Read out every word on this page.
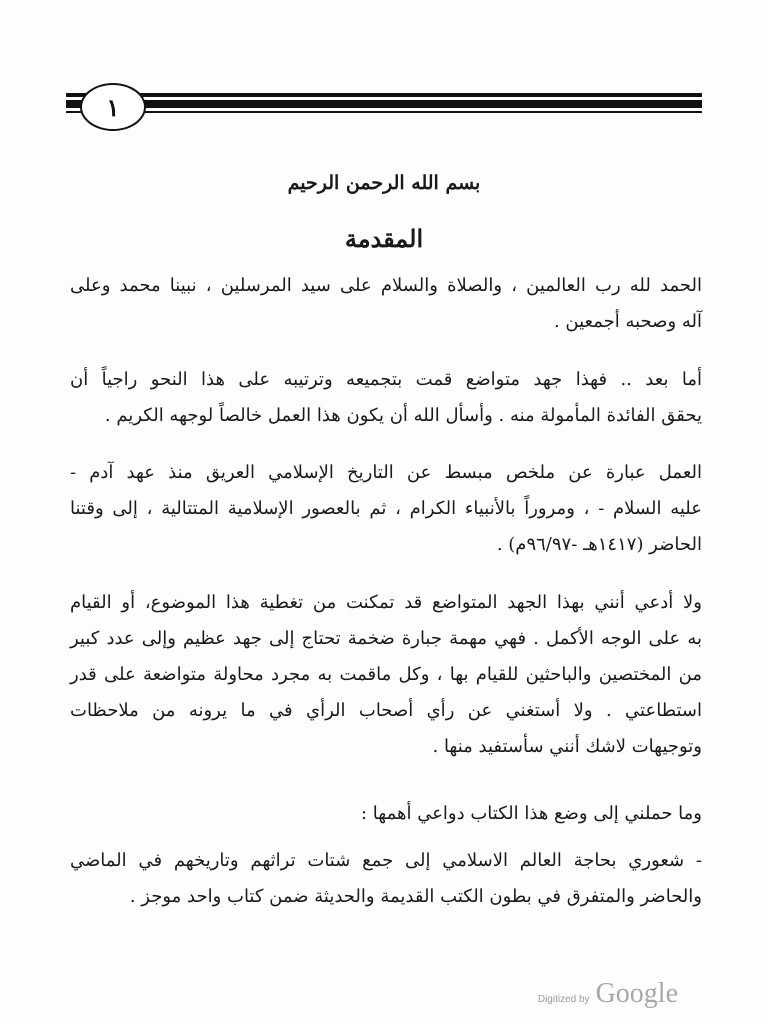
١
بسم الله الرحمن الرحيم
المقدمة

الحمد لله رب العالمين ، والصلاة والسلام على سيد المرسلين ، نبينا محمد وعلى
آله وصحبه أجمعين .

أما بعد .. فهذا جهد متواضع قمت بتجميعه وترتيبه على هذا النحو راجياً أن
يحقق الفائدة المأمولة منه . وأسأل الله أن يكون هذا العمل خالصاً لوجهه الكريم .

العمل عبارة عن ملخص مبسط عن التاريخ الإسلامي العريق منذ عهد آدم -
عليه السلام - ، ومروراً بالأنبياء الكرام ، ثم بالعصور الإسلامية المتتالية ، إلى وقتنا
الحاضر (١٤١٧هـ -٩٦/٩٧م) .

ولا أدعي أنني بهذا الجهد المتواضع قد تمكنت من تغطية هذا الموضوع، أو القيام
به على الوجه الأكمل . فهي مهمة جبارة ضخمة تحتاج إلى جهد عظيم وإلى عدد كبير
من المختصين والباحثين للقيام بها ، وكل ماقمت به مجرد محاولة متواضعة على قدر
استطاعتي . ولا أستغني عن رأي أصحاب الرأي في ما يرونه من ملاحظات
وتوجيهات لاشك أنني سأستفيد منها .

وما حملني إلى وضع هذا الكتاب دواعي أهمها :

- شعوري بحاجة العالم الاسلامي إلى جمع شتات تراثهم وتاريخهم في الماضي
والحاضر والمتفرق في بطون الكتب القديمة والحديثة ضمن كتاب واحد موجز .

Digitized by Google
